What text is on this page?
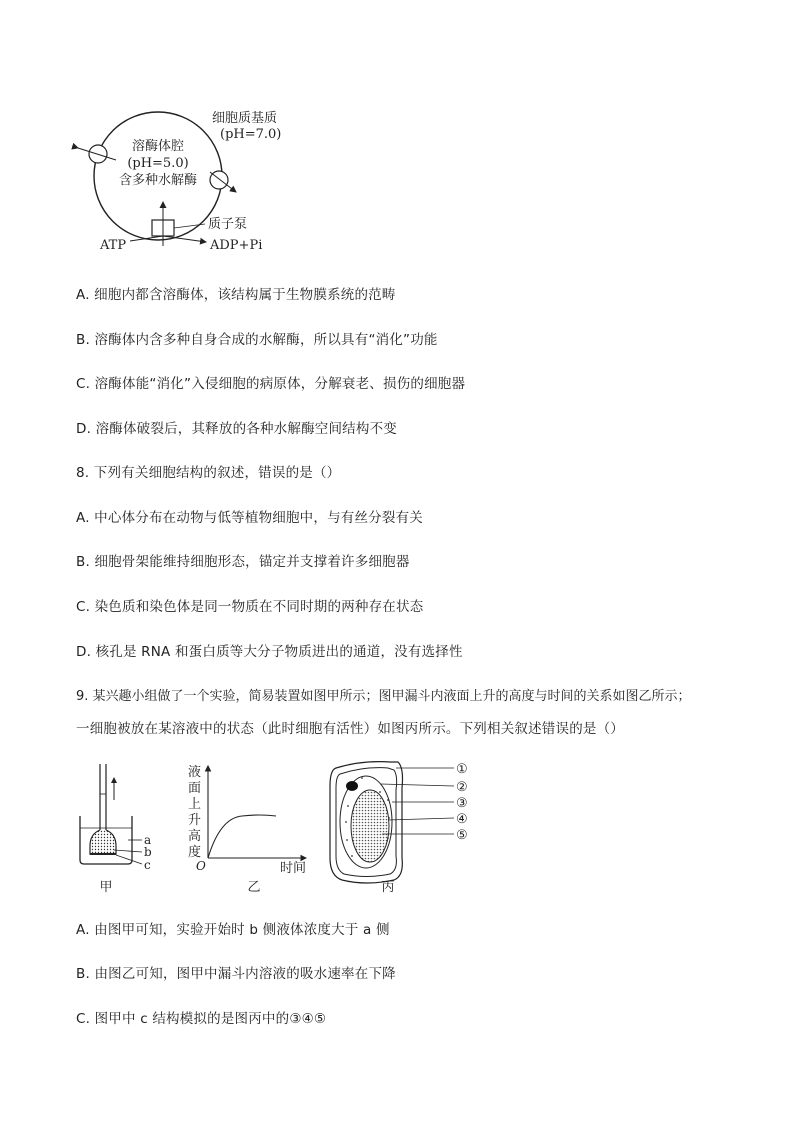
溶酶体腔
(pH=5.0)
含多种水解酶
细胞质基质
(pH=7.0)
质子泵
ATP	ADP+Pi
A. 细胞内都含溶酶体，该结构属于生物膜系统的范畴
B. 溶酶体内含多种自身合成的水解酶，所以具有“消化”功能
C. 溶酶体能“消化”入侵细胞的病原体，分解衰老、损伤的细胞器
D. 溶酶体破裂后，其释放的各种水解酶空间结构不变
8. 下列有关细胞结构的叙述，错误的是（）
A. 中心体分布在动物与低等植物细胞中，与有丝分裂有关
B. 细胞骨架能维持细胞形态，锚定并支撑着许多细胞器
C. 染色质和染色体是同一物质在不同时期的两种存在状态
D. 核孔是 RNA 和蛋白质等大分子物质进出的通道，没有选择性
9. 某兴趣小组做了一个实验，简易装置如图甲所示；图甲漏斗内液面上升的高度与时间的关系如图乙所示；
一细胞被放在某溶液中的状态（此时细胞有活性）如图丙所示。下列相关叙述错误的是（）
a
b
c
甲
液
面
上
升
高
度
O	时间
乙
①
②
③
④
⑤
丙
A. 由图甲可知，实验开始时 b 侧液体浓度大于 a 侧
B. 由图乙可知，图甲中漏斗内溶液的吸水速率在下降
C. 图甲中 c 结构模拟的是图丙中的③④⑤
